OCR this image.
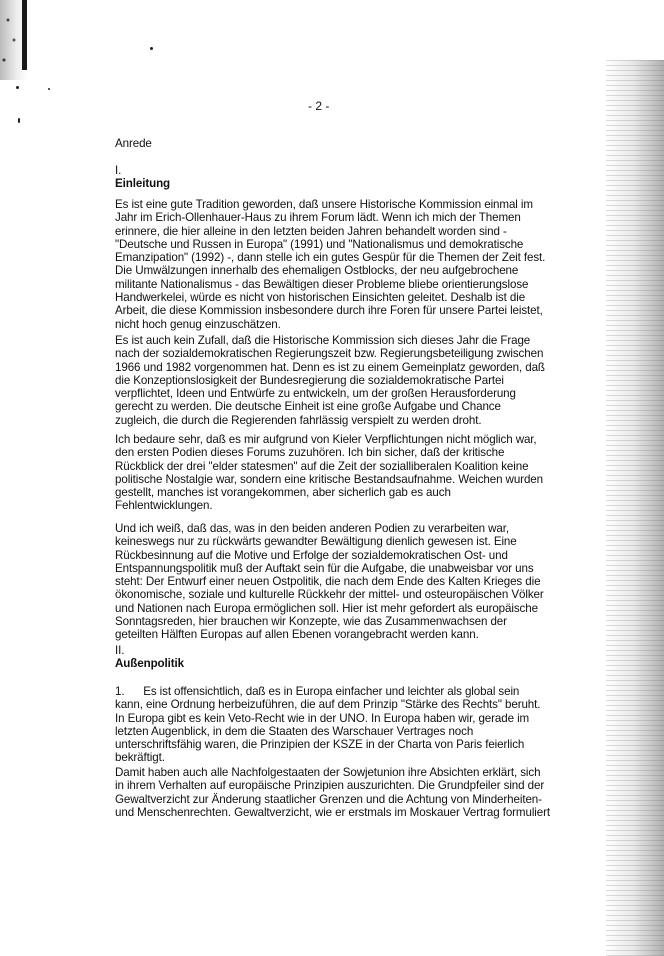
- 2 -
Anrede
I.
Einleitung
Es ist eine gute Tradition geworden, daß unsere Historische Kommission einmal im
Jahr im Erich-Ollenhauer-Haus zu ihrem Forum lädt. Wenn ich mich der Themen
erinnere, die hier alleine in den letzten beiden Jahren behandelt worden sind -
"Deutsche und Russen in Europa" (1991) und "Nationalismus und demokratische
Emanzipation" (1992) -, dann stelle ich ein gutes Gespür für die Themen der Zeit fest.
Die Umwälzungen innerhalb des ehemaligen Ostblocks, der neu aufgebrochene
militante Nationalismus - das Bewältigen dieser Probleme bliebe orientierungslose
Handwerkelei, würde es nicht von historischen Einsichten geleitet. Deshalb ist die
Arbeit, die diese Kommission insbesondere durch ihre Foren für unsere Partei leistet,
nicht hoch genug einzuschätzen.
Es ist auch kein Zufall, daß die Historische Kommission sich dieses Jahr die Frage
nach der sozialdemokratischen Regierungszeit bzw. Regierungsbeteiligung zwischen
1966 und 1982 vorgenommen hat. Denn es ist zu einem Gemeinplatz geworden, daß
die Konzeptionslosigkeit der Bundesregierung die sozialdemokratische Partei
verpflichtet, Ideen und Entwürfe zu entwickeln, um der großen Herausforderung
gerecht zu werden. Die deutsche Einheit ist eine große Aufgabe und Chance
zugleich, die durch die Regierenden fahrlässig verspielt zu werden droht.
Ich bedaure sehr, daß es mir aufgrund von Kieler Verpflichtungen nicht möglich war,
den ersten Podien dieses Forums zuzuhören. Ich bin sicher, daß der kritische
Rückblick der drei "elder statesmen" auf die Zeit der sozialliberalen Koalition keine
politische Nostalgie war, sondern eine kritische Bestandsaufnahme. Weichen wurden
gestellt, manches ist vorangekommen, aber sicherlich gab es auch
Fehlentwicklungen.
Und ich weiß, daß das, was in den beiden anderen Podien zu verarbeiten war,
keineswegs nur zu rückwärts gewandter Bewältigung dienlich gewesen ist. Eine
Rückbesinnung auf die Motive und Erfolge der sozialdemokratischen Ost- und
Entspannungspolitik muß der Auftakt sein für die Aufgabe, die unabweisbar vor uns
steht: Der Entwurf einer neuen Ostpolitik, die nach dem Ende des Kalten Krieges die
ökonomische, soziale und kulturelle Rückkehr der mittel- und osteuropäischen Völker
und Nationen nach Europa ermöglichen soll. Hier ist mehr gefordert als europäische
Sonntagsreden, hier brauchen wir Konzepte, wie das Zusammenwachsen der
geteilten Hälften Europas auf allen Ebenen vorangebracht werden kann.
II.
Außenpolitik
1.      Es ist offensichtlich, daß es in Europa einfacher und leichter als global sein
kann, eine Ordnung herbeizuführen, die auf dem Prinzip "Stärke des Rechts" beruht.
In Europa gibt es kein Veto-Recht wie in der UNO. In Europa haben wir, gerade im
letzten Augenblick, in dem die Staaten des Warschauer Vertrages noch
unterschriftsfähig waren, die Prinzipien der KSZE in der Charta von Paris feierlich
bekräftigt.
Damit haben auch alle Nachfolgestaaten der Sowjetunion ihre Absichten erklärt, sich
in ihrem Verhalten auf europäische Prinzipien auszurichten. Die Grundpfeiler sind der
Gewaltverzicht zur Änderung staatlicher Grenzen und die Achtung von Minderheiten-
und Menschenrechten. Gewaltverzicht, wie er erstmals im Moskauer Vertrag formuliert
